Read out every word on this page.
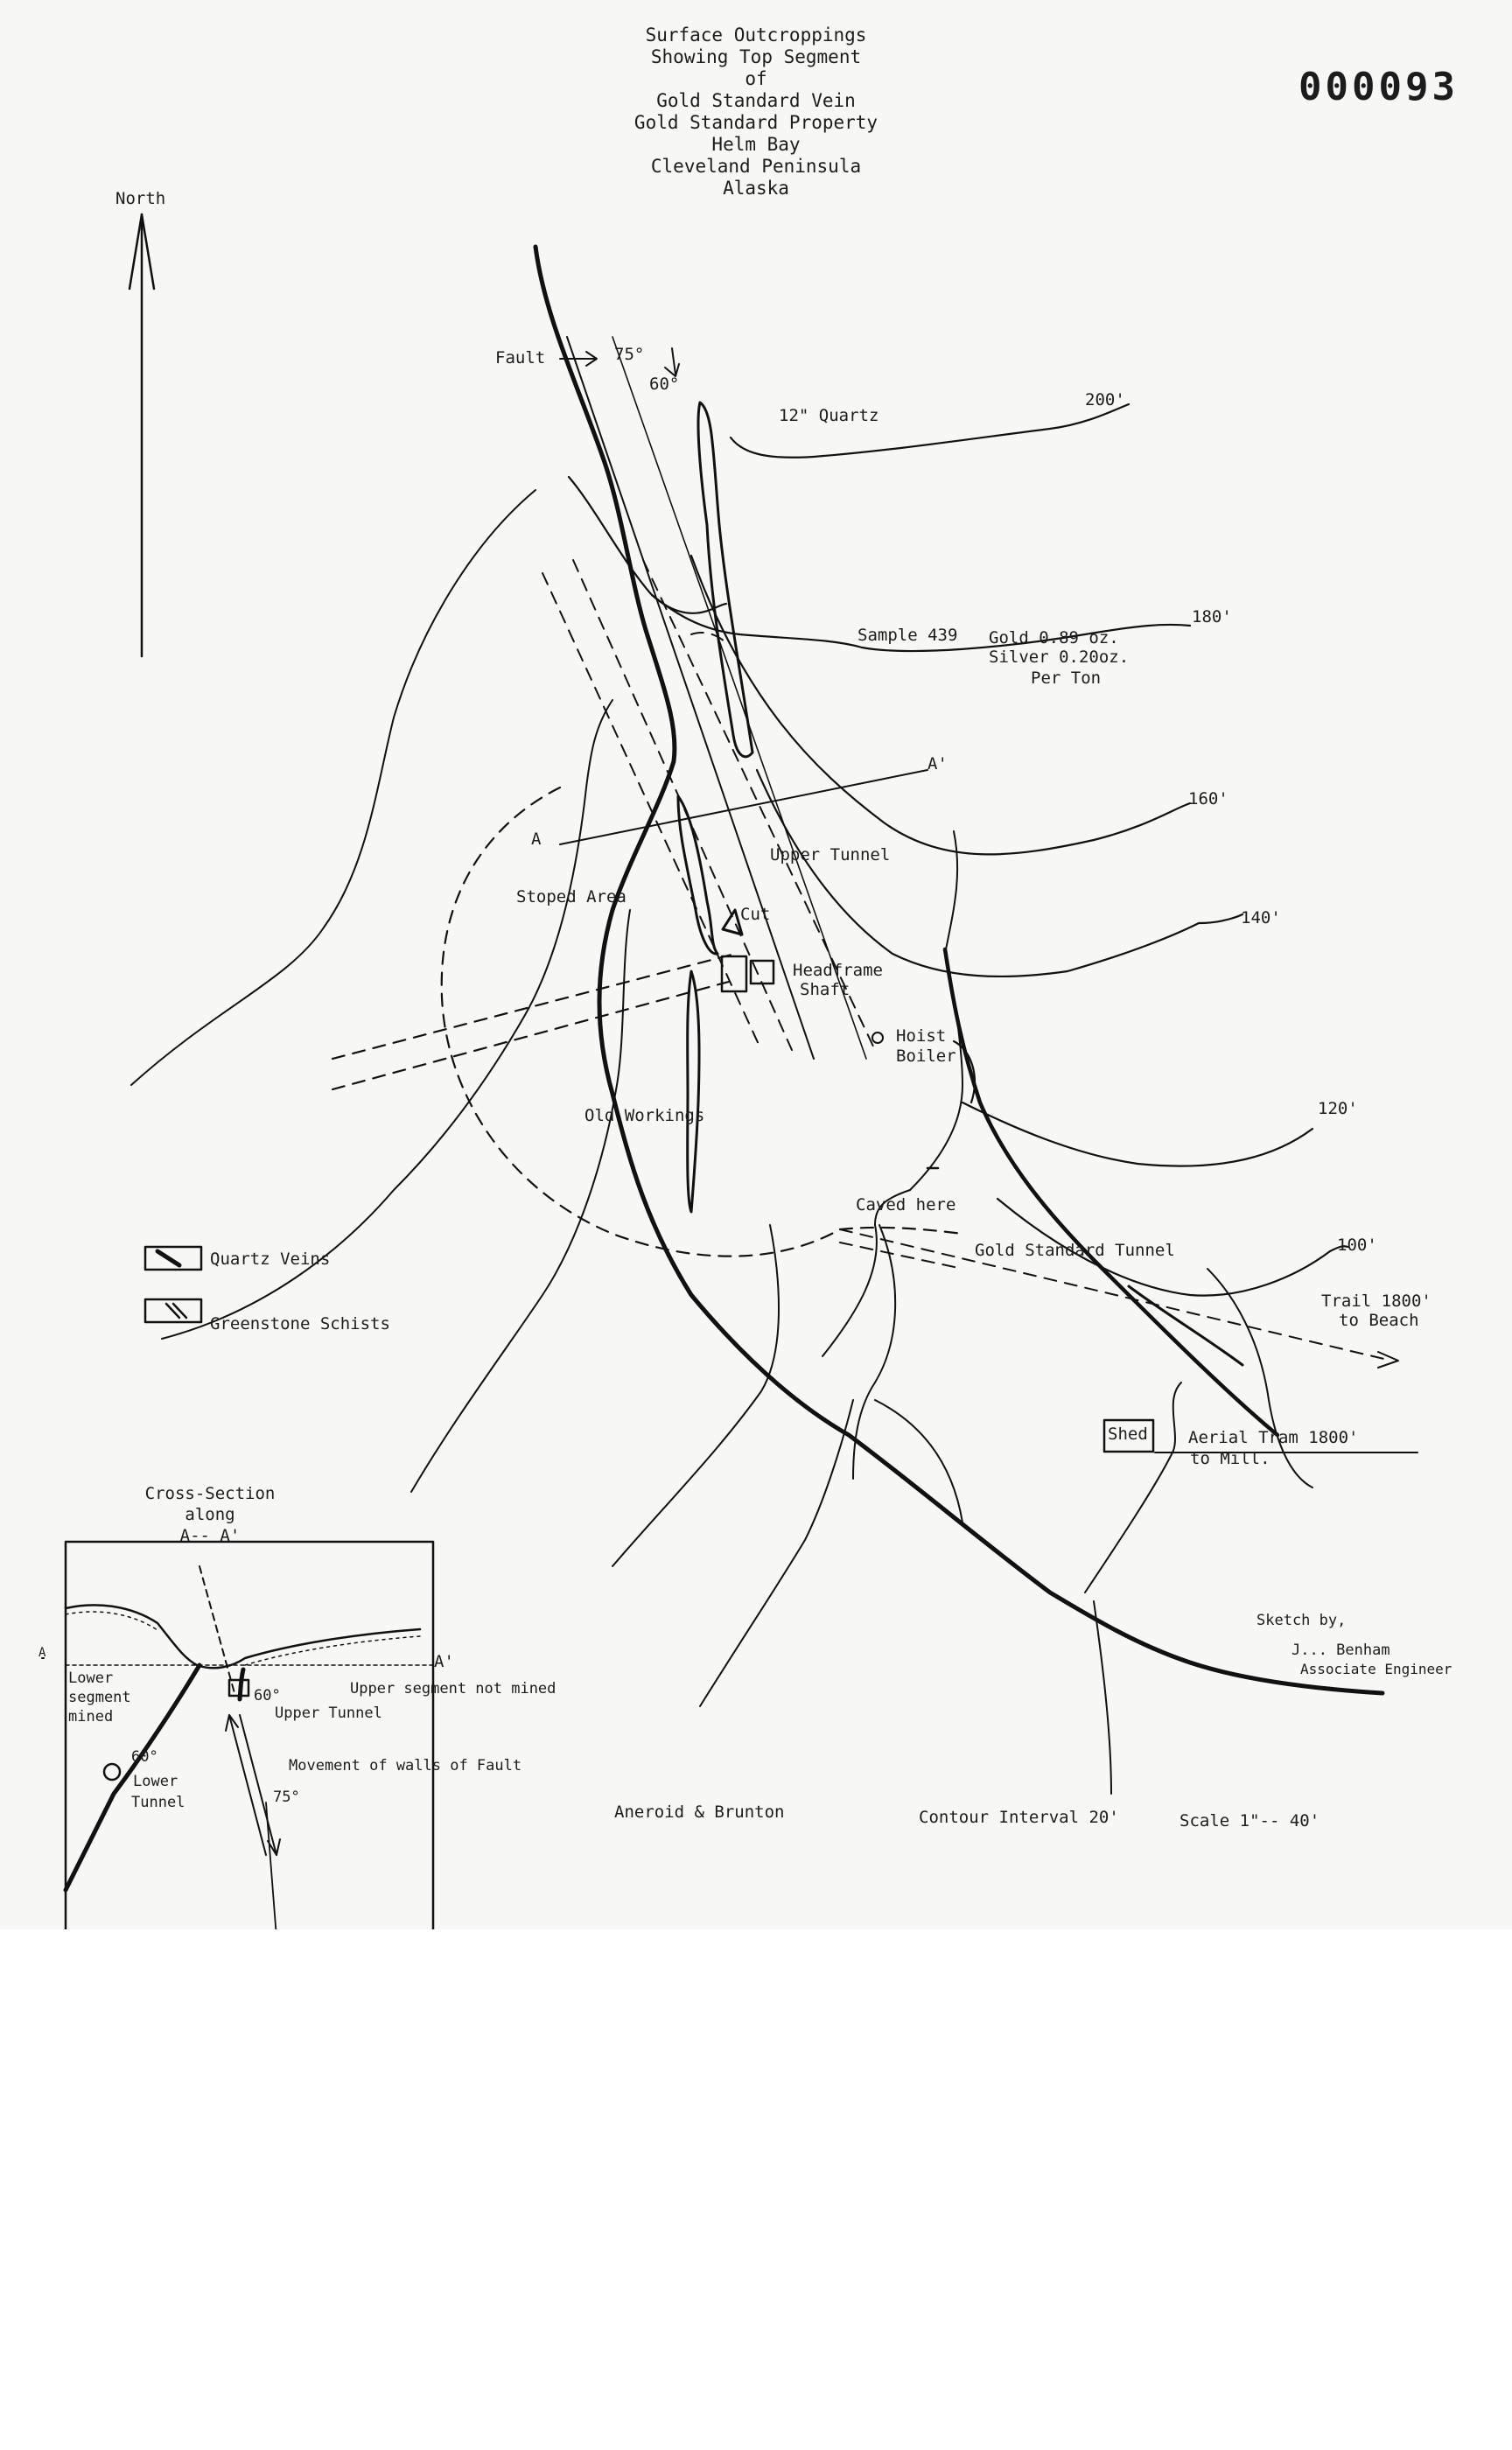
000093
Surface Outcroppings
Showing Top Segment
of
Gold Standard Vein
Gold Standard Property
Helm Bay
Cleveland Peninsula
Alaska
North
Fault	75°
60°
12" Quartz
200'
Sample 439 Gold 0.89 oz.
Silver 0.20oz.
Per Ton
180'
A'
160'
A
Upper Tunnel
Stoped Area
Cut	140'
Headframe
Shaft
Hoist
Boiler
Old Workings	120'
Caved here
100'
Gold Standard Tunnel
Trail 1800'
to Beach
Shed Aerial Tram 1800'
to Mill.
Quartz Veins
Greenstone Schists
Sketch by,
J... Benham
Associate Engineer
Aneroid & Brunton	Contour Interval 20'	Scale 1"-- 40'
Cross-Section
along
A-- A'
A'
A
Lower
segment
mined
Upper segment not mined
60°
Upper Tunnel
60°
Lower
Tunnel
Movement of walls of Fault
75°
